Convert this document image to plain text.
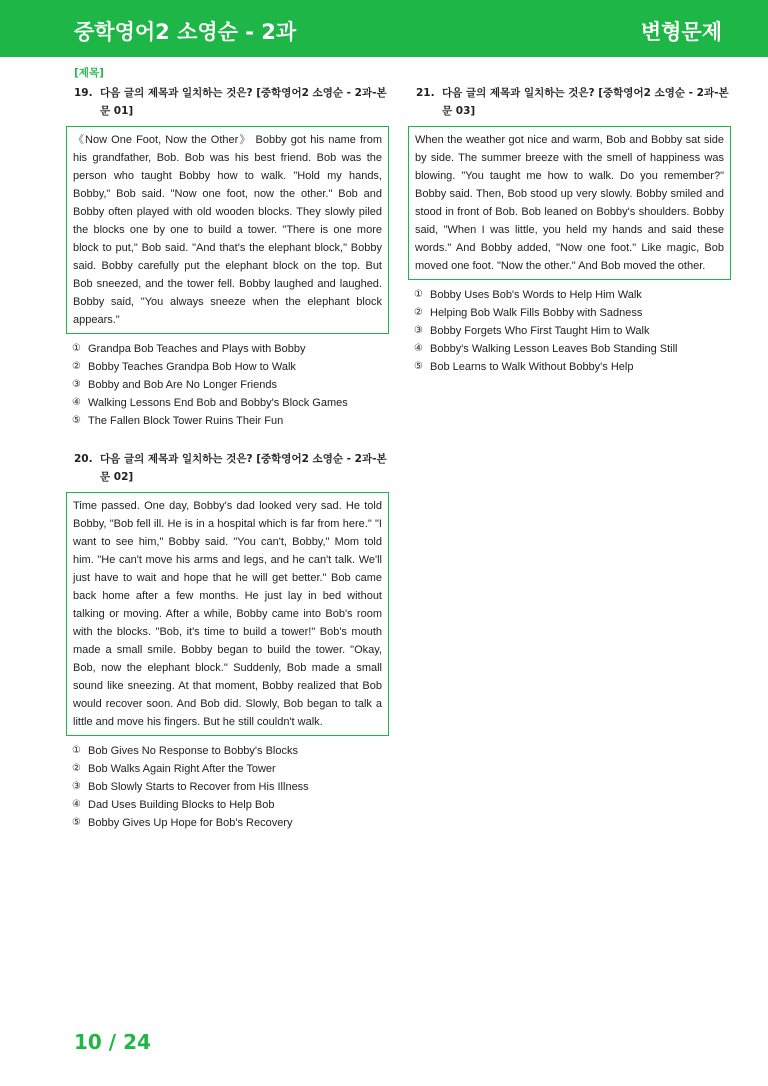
중학영어2 소영순 - 2과	변형문제
[제목]
19. 다음 글의 제목과 일치하는 것은? [중학영어2 소영순 - 2과-본문 01]
《Now One Foot, Now the Other》 Bobby got his name from his grandfather, Bob. Bob was his best friend. Bob was the person who taught Bobby how to walk. "Hold my hands, Bobby," Bob said. "Now one foot, now the other." Bob and Bobby often played with old wooden blocks. They slowly piled the blocks one by one to build a tower. "There is one more block to put," Bob said. "And that's the elephant block," Bobby said. Bobby carefully put the elephant block on the top. But Bob sneezed, and the tower fell. Bobby laughed and laughed. Bobby said, "You always sneeze when the elephant block appears."
① Grandpa Bob Teaches and Plays with Bobby
② Bobby Teaches Grandpa Bob How to Walk
③ Bobby and Bob Are No Longer Friends
④ Walking Lessons End Bob and Bobby's Block Games
⑤ The Fallen Block Tower Ruins Their Fun
20. 다음 글의 제목과 일치하는 것은? [중학영어2 소영순 - 2과-본문 02]
Time passed. One day, Bobby's dad looked very sad. He told Bobby, "Bob fell ill. He is in a hospital which is far from here." "I want to see him," Bobby said. "You can't, Bobby," Mom told him. "He can't move his arms and legs, and he can't talk. We'll just have to wait and hope that he will get better." Bob came back home after a few months. He just lay in bed without talking or moving. After a while, Bobby came into Bob's room with the blocks. "Bob, it's time to build a tower!" Bob's mouth made a small smile. Bobby began to build the tower. "Okay, Bob, now the elephant block." Suddenly, Bob made a small sound like sneezing. At that moment, Bobby realized that Bob would recover soon. And Bob did. Slowly, Bob began to talk a little and move his fingers. But he still couldn't walk.
① Bob Gives No Response to Bobby's Blocks
② Bob Walks Again Right After the Tower
③ Bob Slowly Starts to Recover from His Illness
④ Dad Uses Building Blocks to Help Bob
⑤ Bobby Gives Up Hope for Bob's Recovery
21. 다음 글의 제목과 일치하는 것은? [중학영어2 소영순 - 2과-본문 03]
When the weather got nice and warm, Bob and Bobby sat side by side. The summer breeze with the smell of happiness was blowing. "You taught me how to walk. Do you remember?" Bobby said. Then, Bob stood up very slowly. Bobby smiled and stood in front of Bob. Bob leaned on Bobby's shoulders. Bobby said, "When I was little, you held my hands and said these words." And Bobby added, "Now one foot." Like magic, Bob moved one foot. "Now the other." And Bob moved the other.
① Bobby Uses Bob's Words to Help Him Walk
② Helping Bob Walk Fills Bobby with Sadness
③ Bobby Forgets Who First Taught Him to Walk
④ Bobby's Walking Lesson Leaves Bob Standing Still
⑤ Bob Learns to Walk Without Bobby's Help
10 / 24
